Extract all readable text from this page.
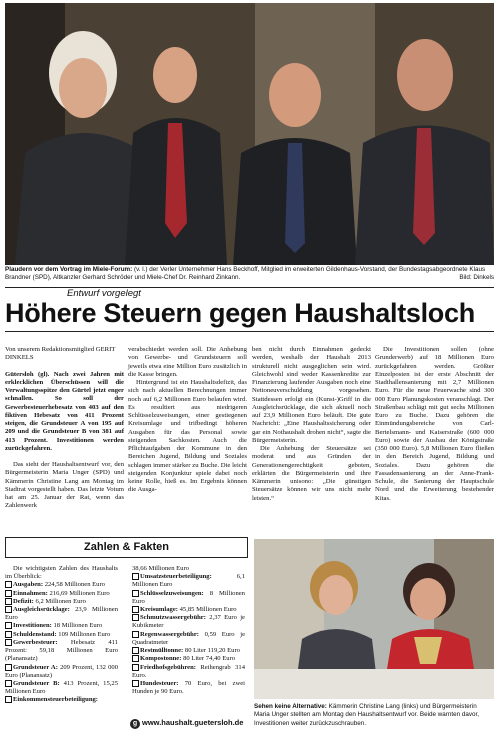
Plaudern vor dem Vortrag im Miele-Forum: (v. l.) der Verler Unternehmer Hans Beckhoff, Mitglied im erweiterten Gildenhaus-Vorstand, der Bundestagsabgeordnete Klaus Brandner (SPD), Altkanzler Gerhard Schröder und Miele-Chef Dr. Reinhard Zinkann.	Bild: Dinkels
Entwurf vorgelegt
Höhere Steuern gegen Haushaltsloch

Von unserem Redaktionsmitglied GERIT DINKELS

Gütersloh (gl). Nach zwei Jahren mit erklecklichen Überschüssen will die Verwaltungsspitze den Gürtel jetzt enger schnallen. So soll der Gewerbesteuerhebesatz von 403 auf den fiktiven Hebesatz von 411 Prozent steigen, die Grundsteuer A von 195 auf 209 und die Grundsteuer B von 381 auf 413 Prozent. Investitionen werden zurückgefahren.

Das sieht der Haushaltsentwurf vor, den Bürgermeisterin Maria Unger (SPD) und Kämmerin Christine Lang am Montag im Stadtrat vorgestellt haben. Das letzte Votum hat am 25. Januar der Rat, wenn das Zahlenwerk

verabschiedet werden soll. Die Anhebung von Gewerbe- und Grundsteuern soll jeweils etwa eine Million Euro zusätzlich in die Kasse bringen.

Hintergrund ist ein Haushaltsdefizit, das sich nach aktuellen Berechnungen immer noch auf 6,2 Millionen Euro belaufen wird. Es resultiert aus niedrigeren Schlüsselzuweisungen, einer gestiegenen Kreisumlage und trifbedingt höheren Ausgaben für das Personal sowie steigenden Sachkosten. Auch die Pflichtaufgaben der Kommune in den Bereichen Jugend, Bildung und Soziales schlagen immer stärker zu Buche. Die leicht steigenden Konjunktur spiele dabei noch keine Rolle, hieß es. Im Ergebnis können die Ausga-

ben nicht durch Einnahmen gedeckt werden, weshalb der Haushalt 2013 strukturell nicht ausgeglichen sein wird. Gleichwohl sind weder Kassenkredite zur Finanzierung laufender Ausgaben noch eine Nettoneuverschuldung vorgesehen. Stattdessen erfolgt ein (Kunst-)Griff in die Ausgleichsrücklage, die sich aktuell noch auf 23,9 Millionen Euro beläuft. Die gute Nachricht: „Eine Haushaltssicherung oder gar ein Nothaushalt drohen nicht“, sagte die Bürgermeisterin.

Die Anhebung der Steuersätze sei moderat und aus Gründen der Generationengerechtigkeit geboten, erklärten die Bürgermeisterin und ihre Kämmerin unisono: „Die günstigen Steuersätze können wir uns nicht mehr leisten.“

Die Investitionen sollen (ohne Grunderwerb) auf 18 Millionen Euro zurückgefahren werden. Größter Einzelposten ist der erste Abschnitt der Stadthallensanierung mit 2,7 Millionen Euro. Für die neue Feuerwache sind 300 000 Euro Planungskosten veranschlagt. Der Straßenbau schlägt mit gut sechs Millionen Euro zu Buche. Dazu gehören die Einmündungsbereiche von Carl-Bertelsmann- und Kaiserstraße (600 000 Euro) sowie der Ausbau der Königstraße (350 000 Euro). 5,8 Millionen Euro fließen in den Bereich Jugend, Bildung und Soziales. Dazu gehören die Fassadensanierung an der Anne-Frank-Schule, die Sanierung der Hauptschule Nord und die Erweiterung bestehender Kitas.

Zahlen & Fakten

Die wichtigsten Zahlen des Haushalts im Überblick:

Ausgaben: 224,58 Millionen Euro

Einnahmen: 216,69 Millionen Euro

Defizit: 6,2 Millionen Euro

Ausgleichsrücklage: 23,9 Millionen Euro

Investitionen: 18 Millionen Euro

Schuldenstand: 109 Millionen Euro

Gewerbesteuer: Hebesatz 411 Prozent: 59,18 Millionen Euro (Planansatz)

Grundsteuer A: 209 Prozent, 132 000 Euro (Planansatz)

Grundsteuer B: 413 Prozent, 15,25 Millionen Euro

Einkommensteuerbeteiligung:

38,66 Millionen Euro

Umsatzsteuerbeteiligung:	6,1 Millionen Euro

Schlüsselzuweisungen: 8 Millionen Euro

Kreisumlage: 45,85 Millionen Euro

Schmutzwassergebühr: 2,37 Euro je Kubikmeter

Regenwassergebühr: 0,59 Euro je Quadratmeter

Restmülltonne: 80 Liter 119,20 Euro

Kompostonne: 80 Liter 74,40 Euro

Friedhofsgebühren: Reihengrab 314 Euro.

Hundesteuer: 70 Euro, bei zwei Hunden je 90 Euro.

g www.haushalt.guetersloh.de
Sehen keine Alternative: Kämmerin Christine Lang (links) und Bürgermeisterin Maria Unger stellten am Montag den Haushaltsentwurf vor. Beide warnten davor, Investitionen weiter zurückzuschrauben.
